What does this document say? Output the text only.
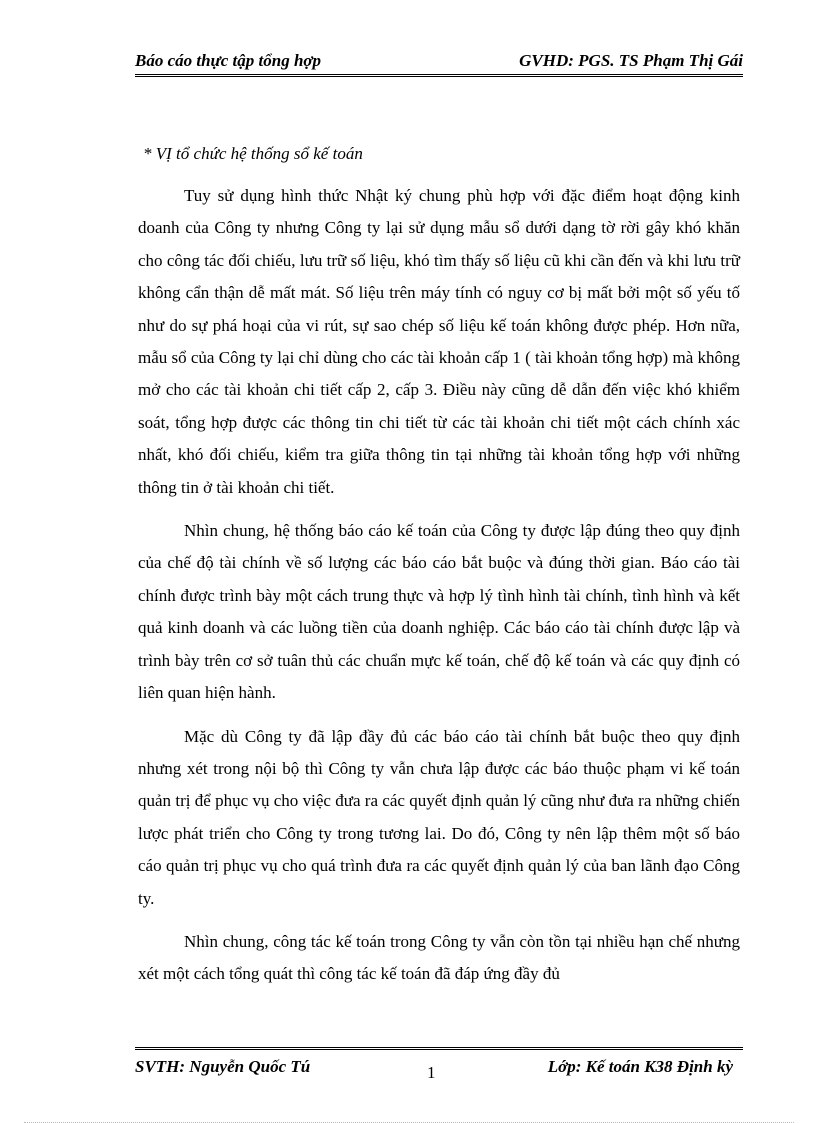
Báo cáo thực tập tổng hợp	GVHD: PGS. TS Phạm Thị Gái
* VỊ tổ chức hệ thống sổ kế toán

Tuy sử dụng hình thức Nhật ký chung phù hợp với đặc điểm hoạt động kinh doanh của Công ty nhưng Công ty lại sử dụng mẫu sổ dưới dạng tờ rời gây khó khăn cho công tác đối chiếu, lưu trữ số liệu, khó tìm thấy số liệu cũ khi cần đến và khi lưu trữ không cẩn thận dễ mất mát. Số liệu trên máy tính có nguy cơ bị mất bởi một số yếu tố như do sự phá hoại của vi rút, sự sao chép số liệu kế toán không được phép. Hơn nữa, mẫu sổ của Công ty lại chỉ dùng cho các tài khoản cấp 1 ( tài khoản tổng hợp) mà không mở cho các tài khoản chi tiết cấp 2, cấp 3. Điều này cũng dễ dẫn đến việc khó khiểm soát, tổng hợp được các thông tin chi tiết từ các tài khoản chi tiết một cách chính xác nhất, khó đối chiếu, kiểm tra giữa thông tin tại những tài khoản tổng hợp với những thông tin ở tài khoản chi tiết.

Nhìn chung, hệ thống báo cáo kế toán của Công ty được lập đúng theo quy định của chế độ tài chính về số lượng các báo cáo bắt buộc và đúng thời gian. Báo cáo tài chính được trình bày một cách trung thực và hợp lý tình hình tài chính, tình hình và kết quả kinh doanh và các luồng tiền của doanh nghiệp. Các báo cáo tài chính được lập và trình bày trên cơ sở tuân thủ các chuẩn mực kế toán, chế độ kế toán và các quy định có liên quan hiện hành.

Mặc dù Công ty đã lập đầy đủ các báo cáo tài chính bắt buộc theo quy định nhưng xét trong nội bộ thì Công ty vẫn chưa lập được các báo thuộc phạm vi kế toán quản trị để phục vụ cho việc đưa ra các quyết định quản lý cũng như đưa ra những chiến lược phát triển cho Công ty trong tương lai. Do đó, Công ty nên lập thêm một số báo cáo quản trị phục vụ cho quá trình đưa ra các quyết định quản lý của ban lãnh đạo Công ty.

Nhìn chung, công tác kế toán trong Công ty vẫn còn tồn tại nhiều hạn chế nhưng xét một cách tổng quát thì công tác kế toán đã đáp ứng đầy đủ

SVTH: Nguyễn Quốc Tú	1	Lớp: Kế toán K38 Định kỳ
